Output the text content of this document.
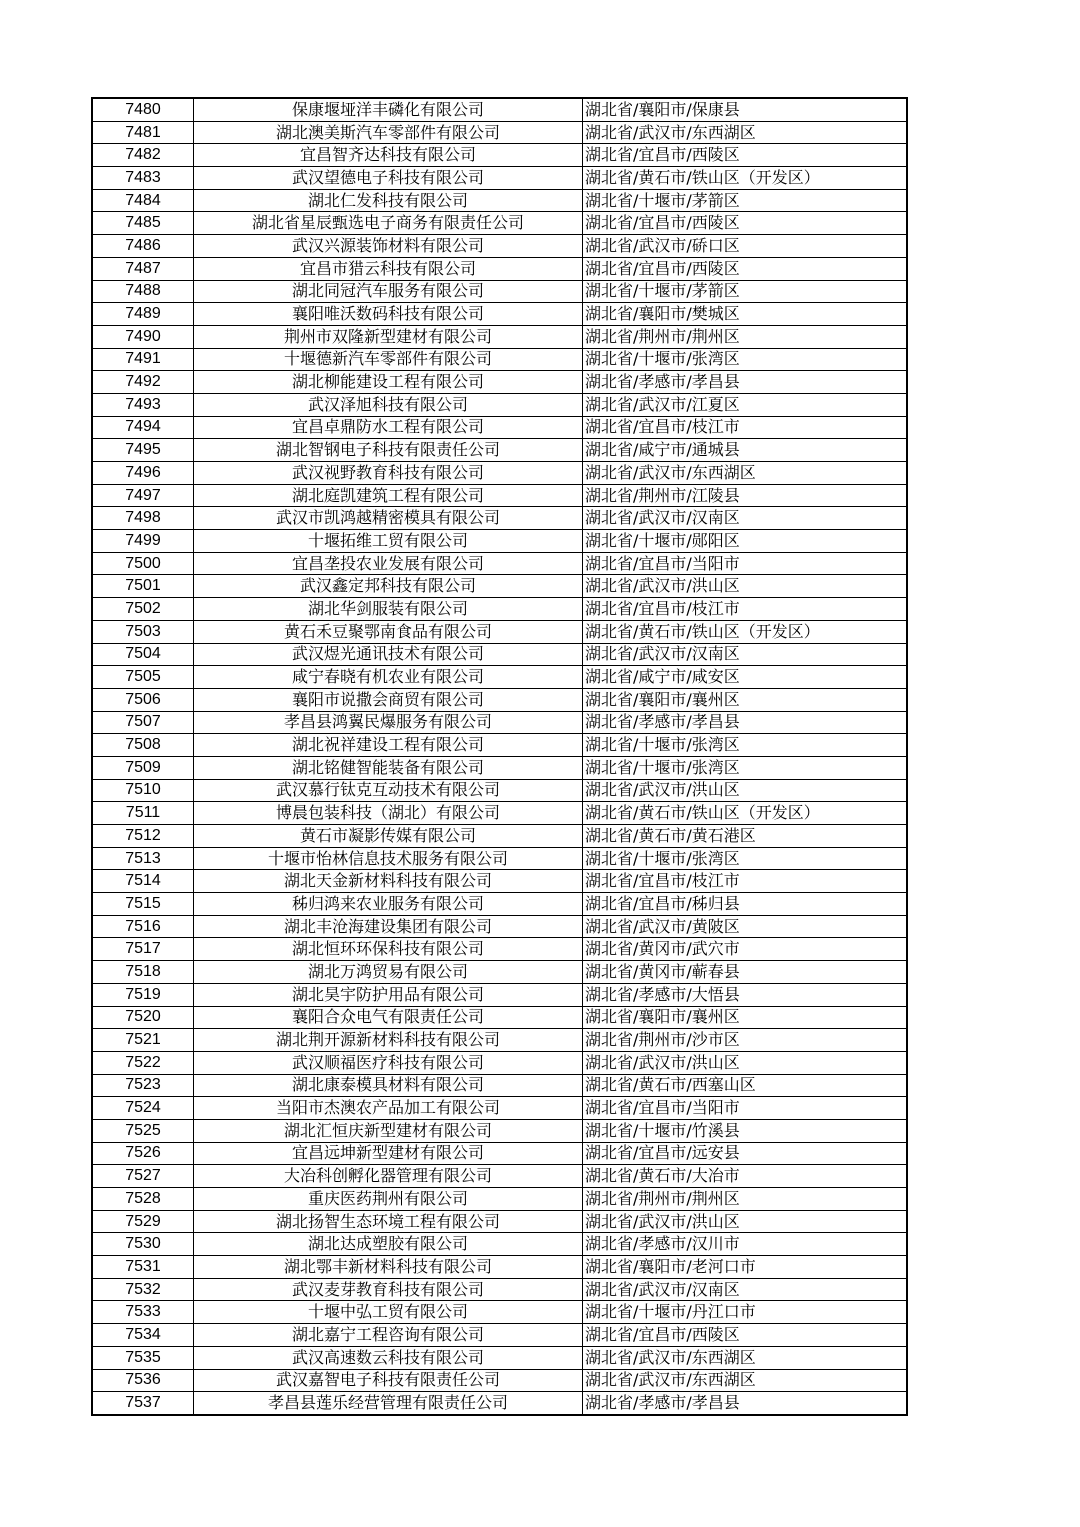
7480	保康堰垭洋丰磷化有限公司	湖北省/襄阳市/保康县
7481	湖北澳美斯汽车零部件有限公司	湖北省/武汉市/东西湖区
7482	宜昌智齐达科技有限公司	湖北省/宜昌市/西陵区
7483	武汉望德电子科技有限公司	湖北省/黄石市/铁山区（开发区）
7484	湖北仁发科技有限公司	湖北省/十堰市/茅箭区
7485	湖北省星辰甄选电子商务有限责任公司	湖北省/宜昌市/西陵区
7486	武汉兴源装饰材料有限公司	湖北省/武汉市/硚口区
7487	宜昌市猎云科技有限公司	湖北省/宜昌市/西陵区
7488	湖北同冠汽车服务有限公司	湖北省/十堰市/茅箭区
7489	襄阳唯沃数码科技有限公司	湖北省/襄阳市/樊城区
7490	荆州市双隆新型建材有限公司	湖北省/荆州市/荆州区
7491	十堰德新汽车零部件有限公司	湖北省/十堰市/张湾区
7492	湖北柳能建设工程有限公司	湖北省/孝感市/孝昌县
7493	武汉泽旭科技有限公司	湖北省/武汉市/江夏区
7494	宜昌卓鼎防水工程有限公司	湖北省/宜昌市/枝江市
7495	湖北智钢电子科技有限责任公司	湖北省/咸宁市/通城县
7496	武汉视野教育科技有限公司	湖北省/武汉市/东西湖区
7497	湖北庭凯建筑工程有限公司	湖北省/荆州市/江陵县
7498	武汉市凯鸿越精密模具有限公司	湖北省/武汉市/汉南区
7499	十堰拓维工贸有限公司	湖北省/十堰市/郧阳区
7500	宜昌垄投农业发展有限公司	湖北省/宜昌市/当阳市
7501	武汉鑫定邦科技有限公司	湖北省/武汉市/洪山区
7502	湖北华剑服装有限公司	湖北省/宜昌市/枝江市
7503	黄石禾豆聚鄂南食品有限公司	湖北省/黄石市/铁山区（开发区）
7504	武汉煜光通讯技术有限公司	湖北省/武汉市/汉南区
7505	咸宁春晓有机农业有限公司	湖北省/咸宁市/咸安区
7506	襄阳市说撒会商贸有限公司	湖北省/襄阳市/襄州区
7507	孝昌县鸿翼民爆服务有限公司	湖北省/孝感市/孝昌县
7508	湖北祝祥建设工程有限公司	湖北省/十堰市/张湾区
7509	湖北铭健智能装备有限公司	湖北省/十堰市/张湾区
7510	武汉慕行钛克互动技术有限公司	湖北省/武汉市/洪山区
7511	博晨包装科技（湖北）有限公司	湖北省/黄石市/铁山区（开发区）
7512	黄石市凝影传媒有限公司	湖北省/黄石市/黄石港区
7513	十堰市怡林信息技术服务有限公司	湖北省/十堰市/张湾区
7514	湖北天金新材料科技有限公司	湖北省/宜昌市/枝江市
7515	秭归鸿来农业服务有限公司	湖北省/宜昌市/秭归县
7516	湖北丰沧海建设集团有限公司	湖北省/武汉市/黄陂区
7517	湖北恒环环保科技有限公司	湖北省/黄冈市/武穴市
7518	湖北万鸿贸易有限公司	湖北省/黄冈市/蕲春县
7519	湖北昊宇防护用品有限公司	湖北省/孝感市/大悟县
7520	襄阳合众电气有限责任公司	湖北省/襄阳市/襄州区
7521	湖北荆开源新材料科技有限公司	湖北省/荆州市/沙市区
7522	武汉顺福医疗科技有限公司	湖北省/武汉市/洪山区
7523	湖北康泰模具材料有限公司	湖北省/黄石市/西塞山区
7524	当阳市杰澳农产品加工有限公司	湖北省/宜昌市/当阳市
7525	湖北汇恒庆新型建材有限公司	湖北省/十堰市/竹溪县
7526	宜昌远坤新型建材有限公司	湖北省/宜昌市/远安县
7527	大冶科创孵化器管理有限公司	湖北省/黄石市/大冶市
7528	重庆医药荆州有限公司	湖北省/荆州市/荆州区
7529	湖北扬智生态环境工程有限公司	湖北省/武汉市/洪山区
7530	湖北达成塑胶有限公司	湖北省/孝感市/汉川市
7531	湖北鄂丰新材料科技有限公司	湖北省/襄阳市/老河口市
7532	武汉麦芽教育科技有限公司	湖北省/武汉市/汉南区
7533	十堰中弘工贸有限公司	湖北省/十堰市/丹江口市
7534	湖北嘉宁工程咨询有限公司	湖北省/宜昌市/西陵区
7535	武汉高速数云科技有限公司	湖北省/武汉市/东西湖区
7536	武汉嘉智电子科技有限责任公司	湖北省/武汉市/东西湖区
7537	孝昌县莲乐经营管理有限责任公司	湖北省/孝感市/孝昌县
